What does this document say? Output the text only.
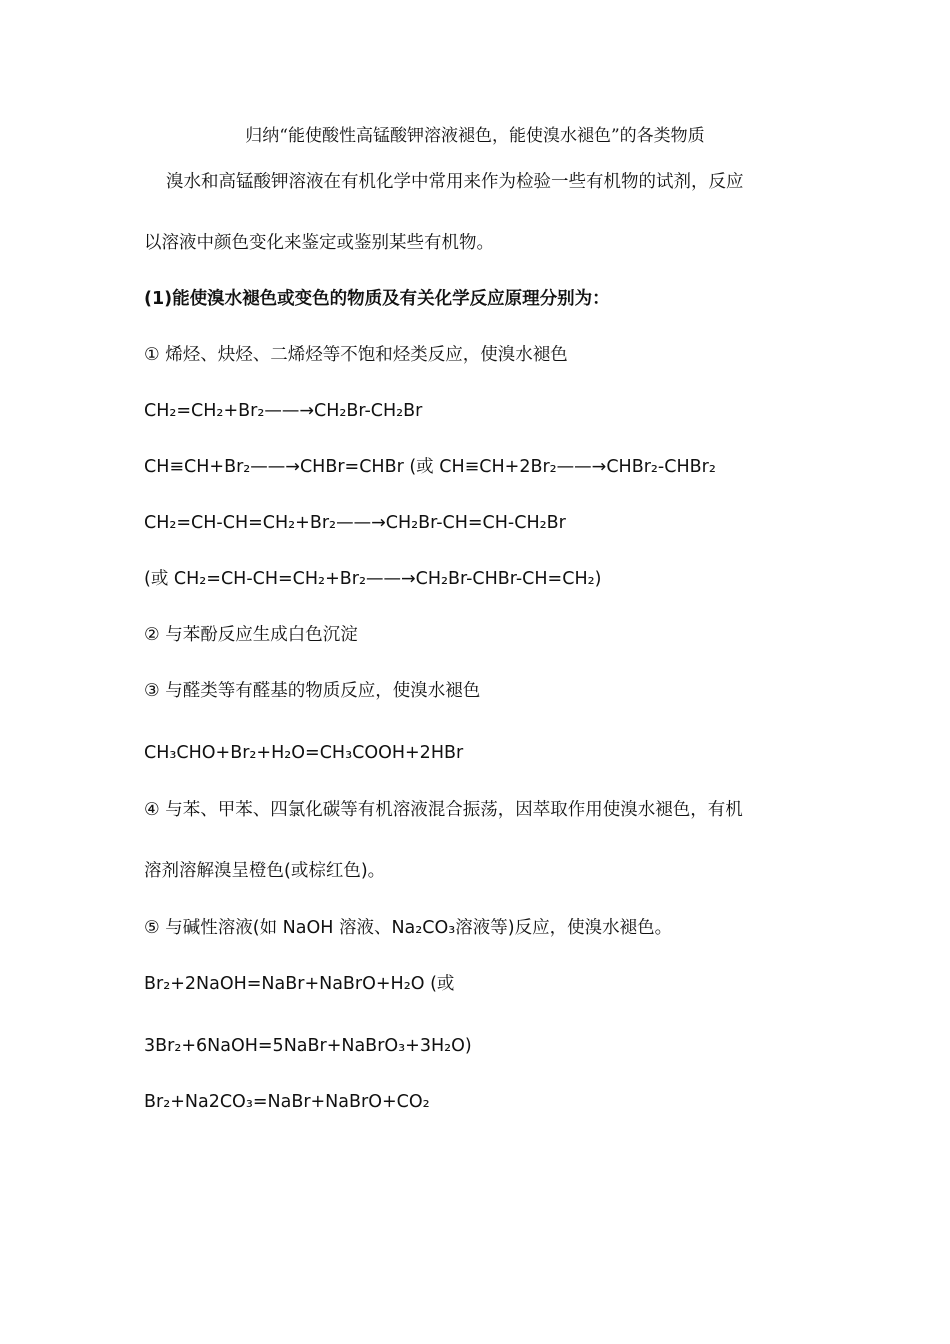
归纳“能使酸性高锰酸钾溶液褪色，能使溴水褪色”的各类物质
溴水和高锰酸钾溶液在有机化学中常用来作为检验一些有机物的试剂，反应
以溶液中颜色变化来鉴定或鉴别某些有机物。
(1)能使溴水褪色或变色的物质及有关化学反应原理分别为：
① 烯烃、炔烃、二烯烃等不饱和烃类反应，使溴水褪色
CH₂=CH₂+Br₂——→CH₂Br-CH₂Br
CH≡CH+Br₂——→CHBr=CHBr (或 CH≡CH+2Br₂——→CHBr₂-CHBr₂
CH₂=CH-CH=CH₂+Br₂——→CH₂Br-CH=CH-CH₂Br
(或 CH₂=CH-CH=CH₂+Br₂——→CH₂Br-CHBr-CH=CH₂)
② 与苯酚反应生成白色沉淀
③ 与醛类等有醛基的物质反应，使溴水褪色
CH₃CHO+Br₂+H₂O=CH₃COOH+2HBr
④ 与苯、甲苯、四氯化碳等有机溶液混合振荡，因萃取作用使溴水褪色，有机
溶剂溶解溴呈橙色(或棕红色)。
⑤ 与碱性溶液(如 NaOH 溶液、Na₂CO₃溶液等)反应，使溴水褪色。
Br₂+2NaOH=NaBr+NaBrO+H₂O (或
3Br₂+6NaOH=5NaBr+NaBrO₃+3H₂O)
Br₂+Na2CO₃=NaBr+NaBrO+CO₂
